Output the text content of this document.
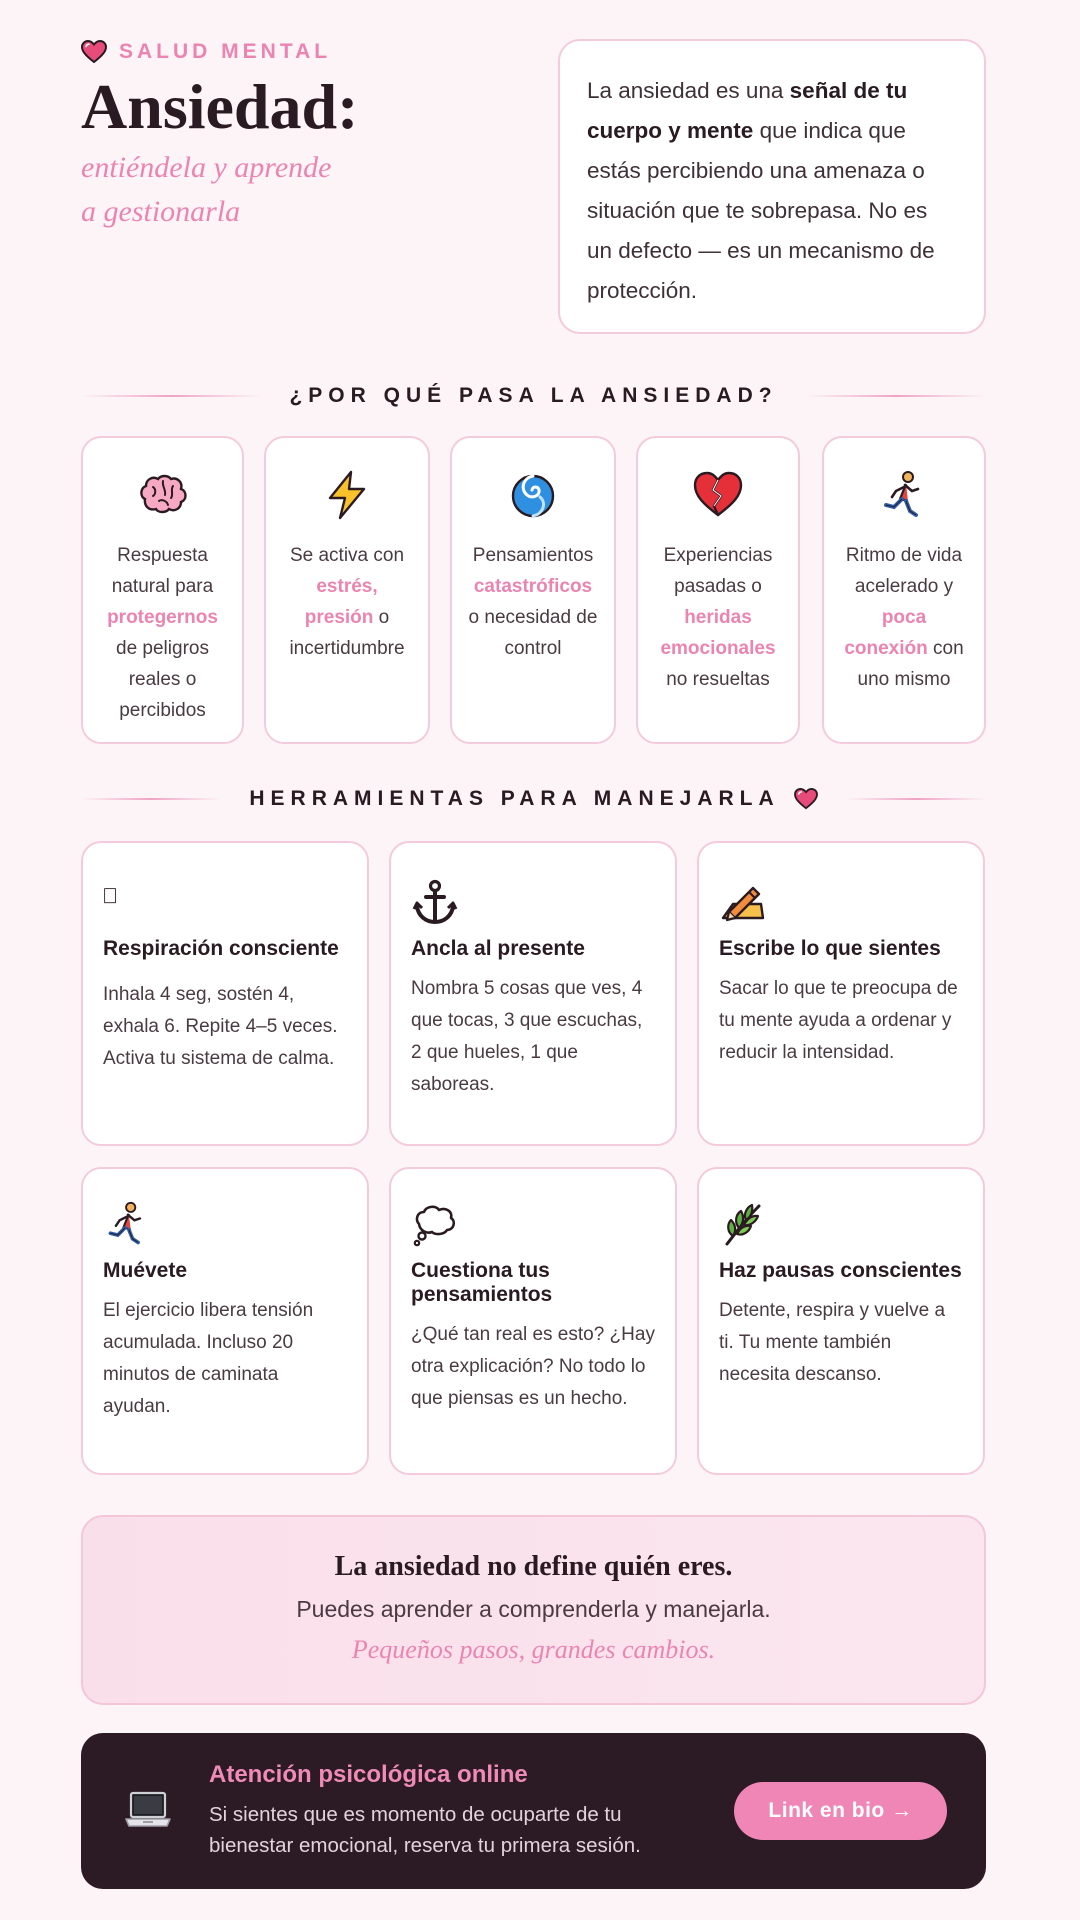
SALUD MENTAL
Ansiedad:
entiéndela y aprende
a gestionarla
La ansiedad es una señal de tu cuerpo y mente que indica que estás percibiendo una amenaza o situación que te sobrepasa. No es un defecto — es un mecanismo de protección.
¿POR QUÉ PASA LA ANSIEDAD?
Respuesta natural para protegernos de peligros reales o percibidos
Se activa con estrés, presión o incertidumbre
Pensamientos catastróficos o necesidad de control
Experiencias pasadas o heridas emocionales no resueltas
Ritmo de vida acelerado y poca conexión con uno mismo
HERRAMIENTAS PARA MANEJARLA
Respiración consciente
Inhala 4 seg, sostén 4, exhala 6. Repite 4–5 veces. Activa tu sistema de calma.
Ancla al presente
Nombra 5 cosas que ves, 4 que tocas, 3 que escuchas, 2 que hueles, 1 que saboreas.
Escribe lo que sientes
Sacar lo que te preocupa de tu mente ayuda a ordenar y reducir la intensidad.
Muévete
El ejercicio libera tensión acumulada. Incluso 20 minutos de caminata ayudan.
Cuestiona tus pensamientos
¿Qué tan real es esto? ¿Hay otra explicación? No todo lo que piensas es un hecho.
Haz pausas conscientes
Detente, respira y vuelve a ti. Tu mente también necesita descanso.
La ansiedad no define quién eres.
Puedes aprender a comprenderla y manejarla.
Pequeños pasos, grandes cambios.
Atención psicológica online
Si sientes que es momento de ocuparte de tu bienestar emocional, reserva tu primera sesión.
Link en bio →
